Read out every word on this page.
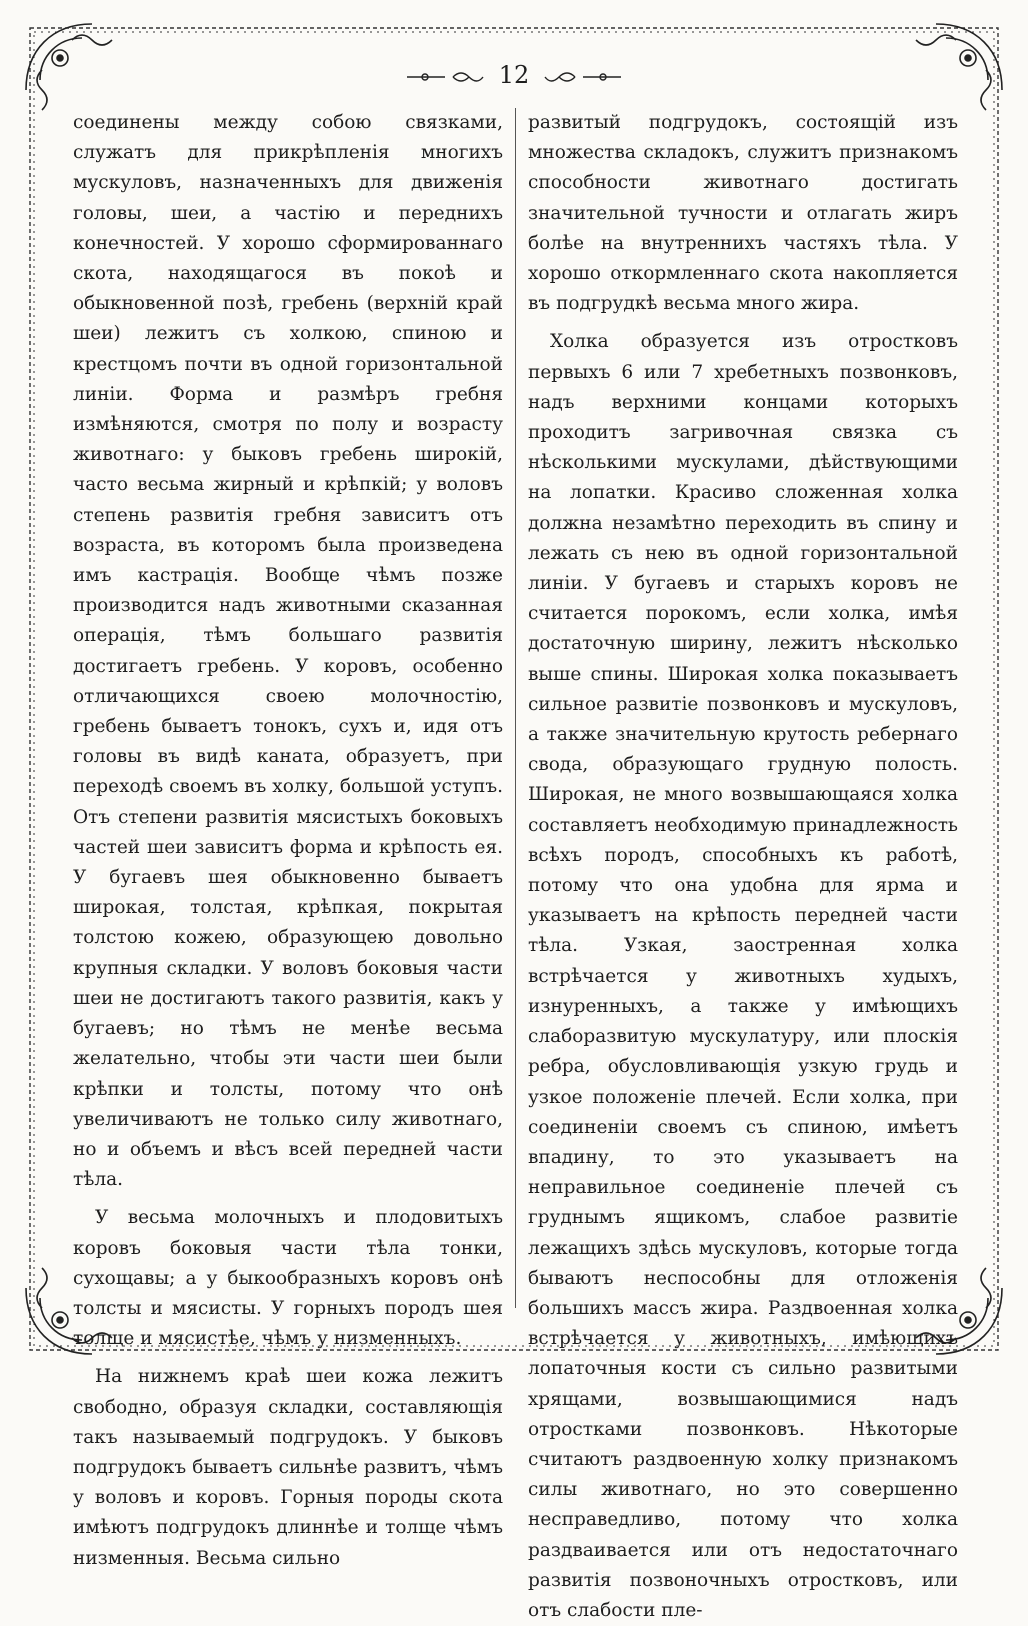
12

соединены между собою связками, служатъ для прикрѣпленія многихъ мускуловъ, назначенныхъ для движенія головы, шеи, а частію и переднихъ конечностей. У хорошо сформированнаго скота, находящагося въ покоѣ и обыкновенной позѣ, гребень (верхній край шеи) лежитъ съ холкою, спиною и крестцомъ почти въ одной горизонтальной линіи. Форма и размѣръ гребня измѣняются, смотря по полу и возрасту животнаго: у быковъ гребень широкій, часто весьма жирный и крѣпкій; у воловъ степень развитія гребня зависитъ отъ возраста, въ которомъ была произведена имъ кастрація. Вообще чѣмъ позже производится надъ животными сказанная операція, тѣмъ большаго развитія достигаетъ гребень. У коровъ, особенно отличающихся своею молочностію, гребень бываетъ тонокъ, сухъ и, идя отъ головы въ видѣ каната, образуетъ, при переходѣ своемъ въ холку, большой уступъ. Отъ степени развитія мясистыхъ боковыхъ частей шеи зависитъ форма и крѣпость ея. У бугаевъ шея обыкновенно бываетъ широкая, толстая, крѣпкая, покрытая толстою кожею, образующею довольно крупныя складки. У воловъ боковыя части шеи не достигаютъ такого развитія, какъ у бугаевъ; но тѣмъ не менѣе весьма желательно, чтобы эти части шеи были крѣпки и толсты, потому что онѣ увеличиваютъ не только силу животнаго, но и объемъ и вѣсъ всей передней части тѣла.

У весьма молочныхъ и плодовитыхъ коровъ боковыя части тѣла тонки, сухощавы; а у быкообразныхъ коровъ онѣ толсты и мясисты. У горныхъ породъ шея толще и мясистѣе, чѣмъ у низменныхъ.

На нижнемъ краѣ шеи кожа лежитъ свободно, образуя складки, составляющія такъ называемый подгрудокъ. У быковъ подгрудокъ бываетъ сильнѣе развитъ, чѣмъ у воловъ и коровъ. Горныя породы скота имѣютъ подгрудокъ длиннѣе и толще чѣмъ низменныя. Весьма сильно

развитый подгрудокъ, состоящій изъ множества складокъ, служитъ признакомъ способности животнаго достигать значительной тучности и отлагать жиръ болѣе на внутреннихъ частяхъ тѣла. У хорошо откормленнаго скота накопляется въ подгрудкѣ весьма много жира.

Холка образуется изъ отростковъ первыхъ 6 или 7 хребетныхъ позвонковъ, надъ верхними концами которыхъ проходитъ загривочная связка съ нѣсколькими мускулами, дѣйствующими на лопатки. Красиво сложенная холка должна незамѣтно переходить въ спину и лежать съ нею въ одной горизонтальной линіи. У бугаевъ и старыхъ коровъ не считается порокомъ, если холка, имѣя достаточную ширину, лежитъ нѣсколько выше спины. Широкая холка показываетъ сильное развитіе позвонковъ и мускуловъ, а также значительную крутость ребернаго свода, образующаго грудную полость. Широкая, не много возвышающаяся холка составляетъ необходимую принадлежность всѣхъ породъ, способныхъ къ работѣ, потому что она удобна для ярма и указываетъ на крѣпость передней части тѣла. Узкая, заостренная холка встрѣчается у животныхъ худыхъ, изнуренныхъ, а также у имѣющихъ слаборазвитую мускулатуру, или плоскія ребра, обусловливающія узкую грудь и узкое положеніе плечей. Если холка, при соединеніи своемъ съ спиною, имѣетъ впадину, то это указываетъ на неправильное соединеніе плечей съ груднымъ ящикомъ, слабое развитіе лежащихъ здѣсь мускуловъ, которые тогда бываютъ неспособны для отложенія большихъ массъ жира. Раздвоенная холка встрѣчается у животныхъ, имѣющихъ лопаточныя кости съ сильно развитыми хрящами, возвышающимися надъ отростками позвонковъ. Нѣкоторые считаютъ раздвоенную холку признакомъ силы животнаго, но это совершенно несправедливо, потому что холка раздваивается или отъ недостаточнаго развитія позвоночныхъ отростковъ, или отъ слабости пле-
